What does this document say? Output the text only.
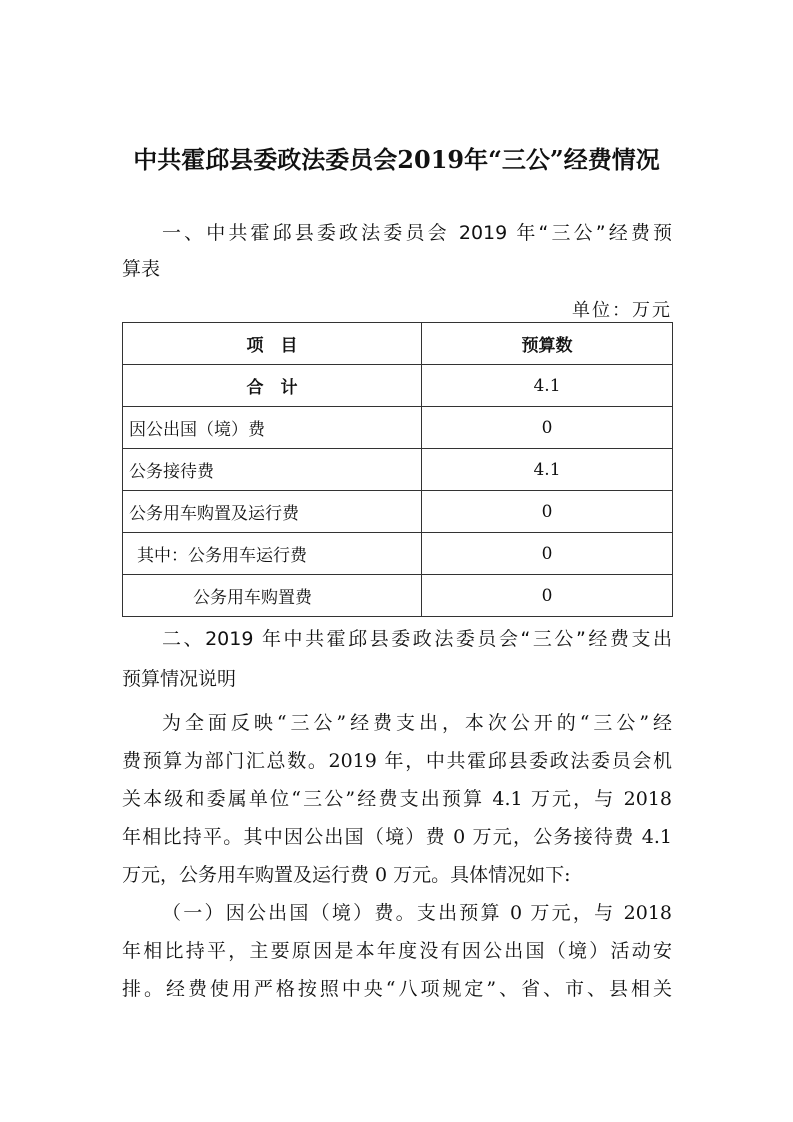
中共霍邱县委政法委员会2019年“三公”经费情况
一、中共霍邱县委政法委员会 2019 年“三公”经费预
算表
单位：万元
项　目	预算数
合　计	4.1
因公出国（境）费	0
公务接待费	4.1
公务用车购置及运行费	0
其中：公务用车运行费	0
公务用车购置费	0
二、2019 年中共霍邱县委政法委员会“三公”经费支出
预算情况说明
为全面反映“三公”经费支出，本次公开的“三公”经
费预算为部门汇总数。2019 年，中共霍邱县委政法委员会机
关本级和委属单位“三公”经费支出预算 4.1 万元，与 2018
年相比持平。其中因公出国（境）费 0 万元，公务接待费 4.1
万元，公务用车购置及运行费 0 万元。具体情况如下:
（一）因公出国（境）费。支出预算 0 万元，与 2018
年相比持平，主要原因是本年度没有因公出国（境）活动安
排。经费使用严格按照中央“八项规定”、省、市、县相关
